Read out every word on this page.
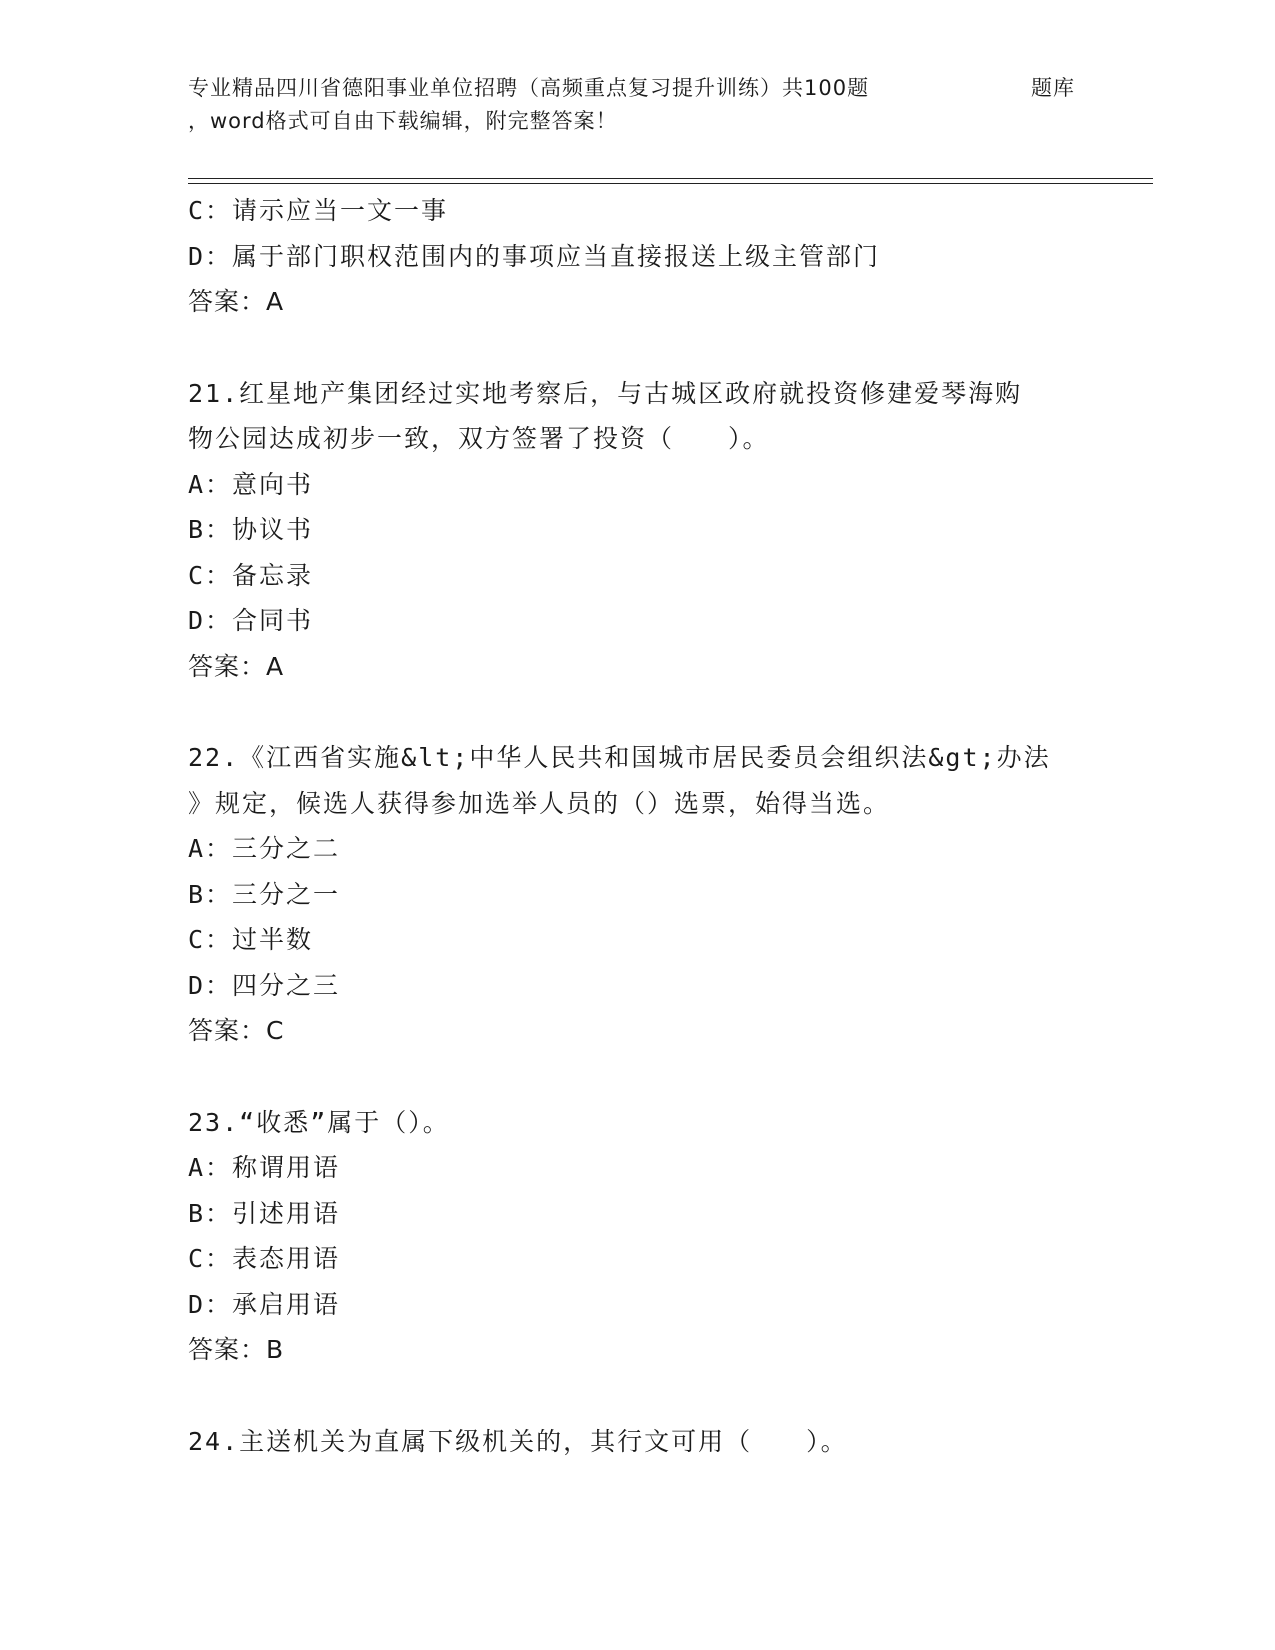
专业精品四川省德阳事业单位招聘（高频重点复习提升训练）共100题	题库
，word格式可自由下载编辑，附完整答案！
C：请示应当一文一事
D：属于部门职权范围内的事项应当直接报送上级主管部门
答案：A
21.红星地产集团经过实地考察后，与古城区政府就投资修建爱琴海购
物公园达成初步一致，双方签署了投资（　　）。
A：意向书
B：协议书
C：备忘录
D：合同书
答案：A
22.《江西省实施&lt;中华人民共和国城市居民委员会组织法&gt;办法
》规定，候选人获得参加选举人员的（）选票，始得当选。
A：三分之二
B：三分之一
C：过半数
D：四分之三
答案：C
23.“收悉”属于（）。
A：称谓用语
B：引述用语
C：表态用语
D：承启用语
答案：B
24.主送机关为直属下级机关的，其行文可用（　　）。
